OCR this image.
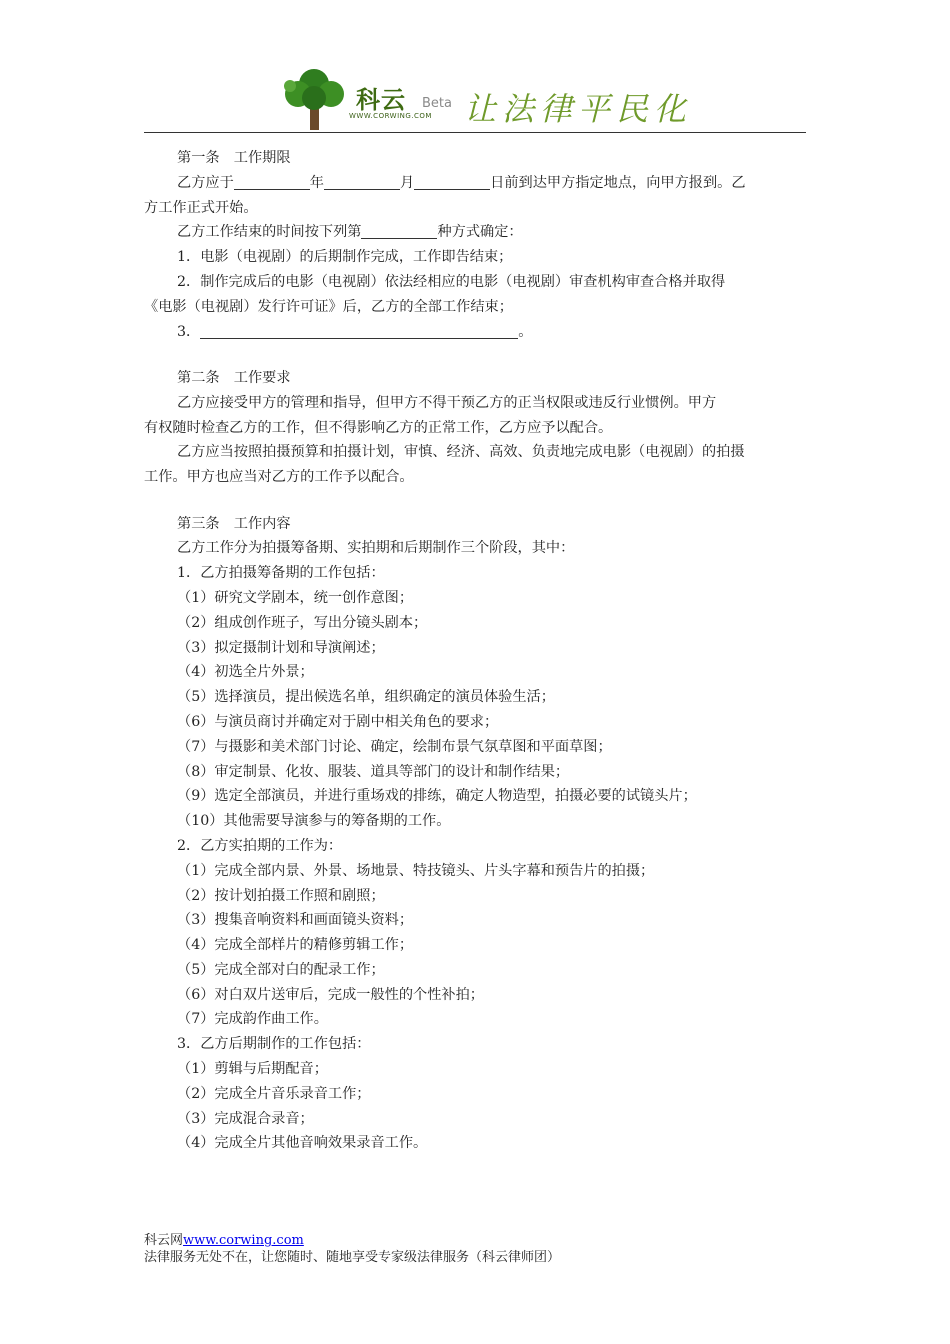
科云
WWW.CORWING.COM
Beta 让法律平民化
第一条　工作期限
乙方应于	年	月	日前到达甲方指定地点，向甲方报到。乙
方工作正式开始。
乙方工作结束的时间按下列第	种方式确定：
1．电影（电视剧）的后期制作完成，工作即告结束；
2．制作完成后的电影（电视剧）依法经相应的电影（电视剧）审查机构审查合格并取得
《电影（电视剧）发行许可证》后，乙方的全部工作结束；
3．	。
第二条　工作要求
乙方应接受甲方的管理和指导，但甲方不得干预乙方的正当权限或违反行业惯例。甲方
有权随时检查乙方的工作，但不得影响乙方的正常工作，乙方应予以配合。
乙方应当按照拍摄预算和拍摄计划，审慎、经济、高效、负责地完成电影（电视剧）的拍摄
工作。甲方也应当对乙方的工作予以配合。
第三条　工作内容
乙方工作分为拍摄筹备期、实拍期和后期制作三个阶段，其中：
1．乙方拍摄筹备期的工作包括：
（1）研究文学剧本，统一创作意图；
（2）组成创作班子，写出分镜头剧本；
（3）拟定摄制计划和导演阐述；
（4）初选全片外景；
（5）选择演员，提出候选名单，组织确定的演员体验生活；
（6）与演员商讨并确定对于剧中相关角色的要求；
（7）与摄影和美术部门讨论、确定，绘制布景气氛草图和平面草图；
（8）审定制景、化妆、服装、道具等部门的设计和制作结果；
（9）选定全部演员，并进行重场戏的排练，确定人物造型，拍摄必要的试镜头片；
（10）其他需要导演参与的筹备期的工作。
2．乙方实拍期的工作为：
（1）完成全部内景、外景、场地景、特技镜头、片头字幕和预告片的拍摄；
（2）按计划拍摄工作照和剧照；
（3）搜集音响资料和画面镜头资料；
（4）完成全部样片的精修剪辑工作；
（5）完成全部对白的配录工作；
（6）对白双片送审后，完成一般性的个性补拍；
（7）完成韵作曲工作。
3．乙方后期制作的工作包括：
（1）剪辑与后期配音；
（2）完成全片音乐录音工作；
（3）完成混合录音；
（4）完成全片其他音响效果录音工作。
科云网www.corwing.com
法律服务无处不在，让您随时、随地享受专家级法律服务（科云律师团）
